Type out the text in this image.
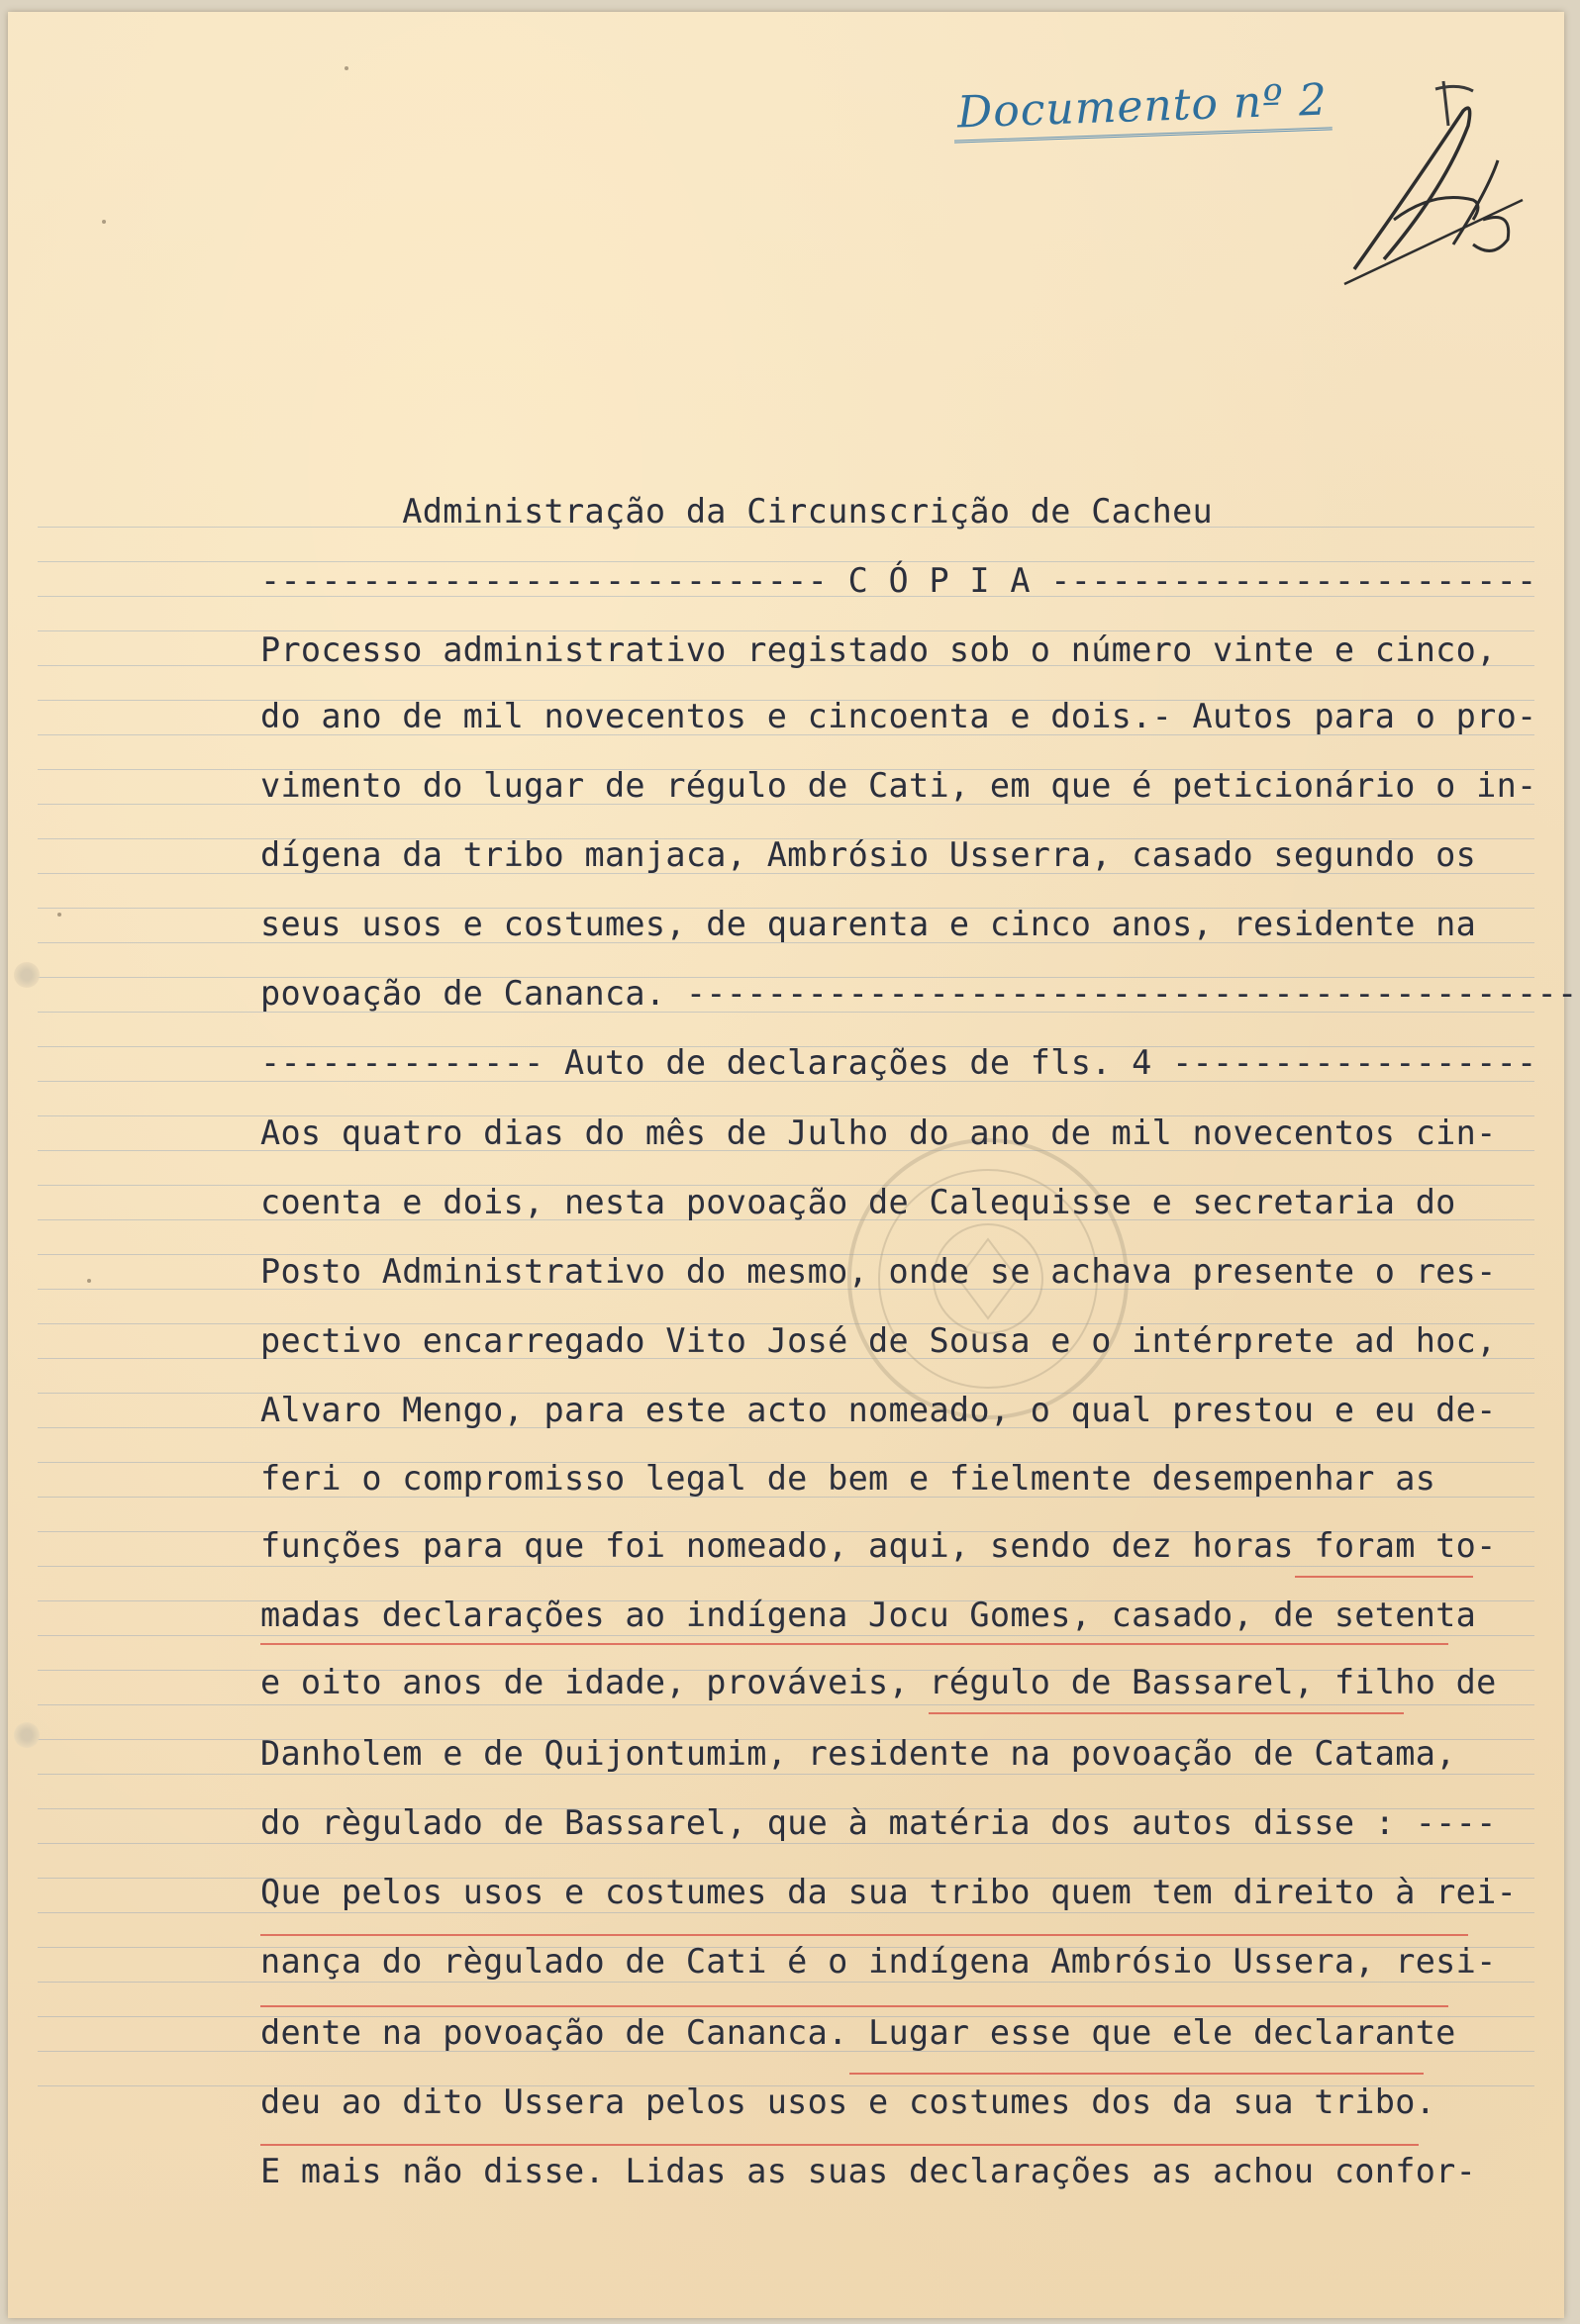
Documento nº 2
Administração da Circunscrição de Cacheu
---------------------------- C Ó P I A ------------------------
Processo administrativo registado sob o número vinte e cinco,
do ano de mil novecentos e cincoenta e dois.- Autos para o pro-
vimento do lugar de régulo de Cati, em que é peticionário o in-
dígena da tribo manjaca, Ambrósio Usserra, casado segundo os
seus usos e costumes, de quarenta e cinco anos, residente na
povoação de Cananca. --------------------------------------------
-------------- Auto de declarações de fls. 4 ------------------
Aos quatro dias do mês de Julho do ano de mil novecentos cin-
coenta e dois, nesta povoação de Calequisse e secretaria do
Posto Administrativo do mesmo, onde se achava presente o res-
pectivo encarregado Vito José de Sousa e o intérprete ad hoc,
Alvaro Mengo, para este acto nomeado, o qual prestou e eu de-
feri o compromisso legal de bem e fielmente desempenhar as
funções para que foi nomeado, aqui, sendo dez horas foram to-
madas declarações ao indígena Jocu Gomes, casado, de setenta
e oito anos de idade, prováveis, régulo de Bassarel, filho de
Danholem e de Quijontumim, residente na povoação de Catama,
do règulado de Bassarel, que à matéria dos autos disse : ----
Que pelos usos e costumes da sua tribo quem tem direito à rei-
nança do règulado de Cati é o indígena Ambrósio Ussera, resi-
dente na povoação de Cananca. Lugar esse que ele declarante
deu ao dito Ussera pelos usos e costumes dos da sua tribo.
E mais não disse. Lidas as suas declarações as achou confor-
